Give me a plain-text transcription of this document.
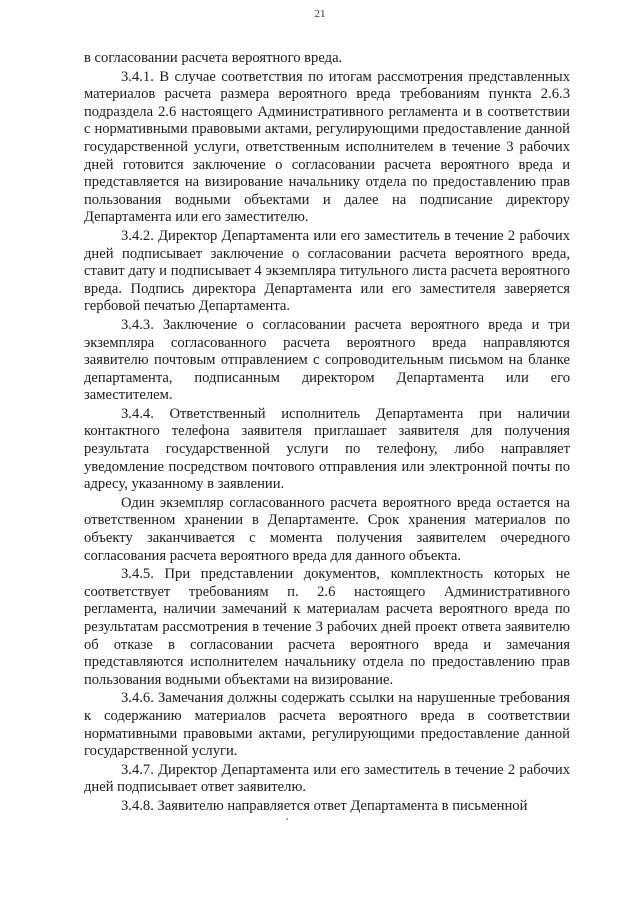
21

в согласовании расчета вероятного вреда.

3.4.1. В случае соответствия по итогам рассмотрения представленных материалов расчета размера вероятного вреда требованиям пункта 2.6.3 подраздела 2.6 настоящего Административного регламента и в соответствии с нормативными правовыми актами, регулирующими предоставление данной государственной услуги, ответственным исполнителем в течение 3 рабочих дней готовится заключение о согласовании расчета вероятного вреда и представляется на визирование начальнику отдела по предоставлению прав пользования водными объектами и далее на подписание директору Департамента или его заместителю.

3.4.2. Директор Департамента или его заместитель в течение 2 рабочих дней подписывает заключение о согласовании расчета вероятного вреда, ставит дату и подписывает 4 экземпляра титульного листа расчета вероятного вреда. Подпись директора Департамента или его заместителя заверяется гербовой печатью Департамента.

3.4.3. Заключение о согласовании расчета вероятного вреда и три экземпляра согласованного расчета вероятного вреда направляются заявителю почтовым отправлением с сопроводительным письмом на бланке департамента, подписанным директором Департамента или его заместителем.

3.4.4. Ответственный исполнитель Департамента при наличии контактного телефона заявителя приглашает заявителя для получения результата государственной услуги по телефону, либо направляет уведомление посредством почтового отправления или электронной почты по адресу, указанному в заявлении.

Один экземпляр согласованного расчета вероятного вреда остается на ответственном хранении в Департаменте. Срок хранения материалов по объекту заканчивается с момента получения заявителем очередного согласования расчета вероятного вреда для данного объекта.

3.4.5. При представлении документов, комплектность которых не соответствует требованиям п. 2.6 настоящего Административного регламента, наличии замечаний к материалам расчета вероятного вреда по результатам рассмотрения в течение 3 рабочих дней проект ответа заявителю об отказе в согласовании расчета вероятного вреда и замечания представляются исполнителем начальнику отдела по предоставлению прав пользования водными объектами на визирование.

3.4.6. Замечания должны содержать ссылки на нарушенные требования к содержанию материалов расчета вероятного вреда в соответствии нормативными правовыми актами, регулирующими предоставление данной государственной услуги.

3.4.7. Директор Департамента или его заместитель в течение 2 рабочих дней подписывает ответ заявителю.

3.4.8. Заявителю направляется ответ Департамента в письменной
